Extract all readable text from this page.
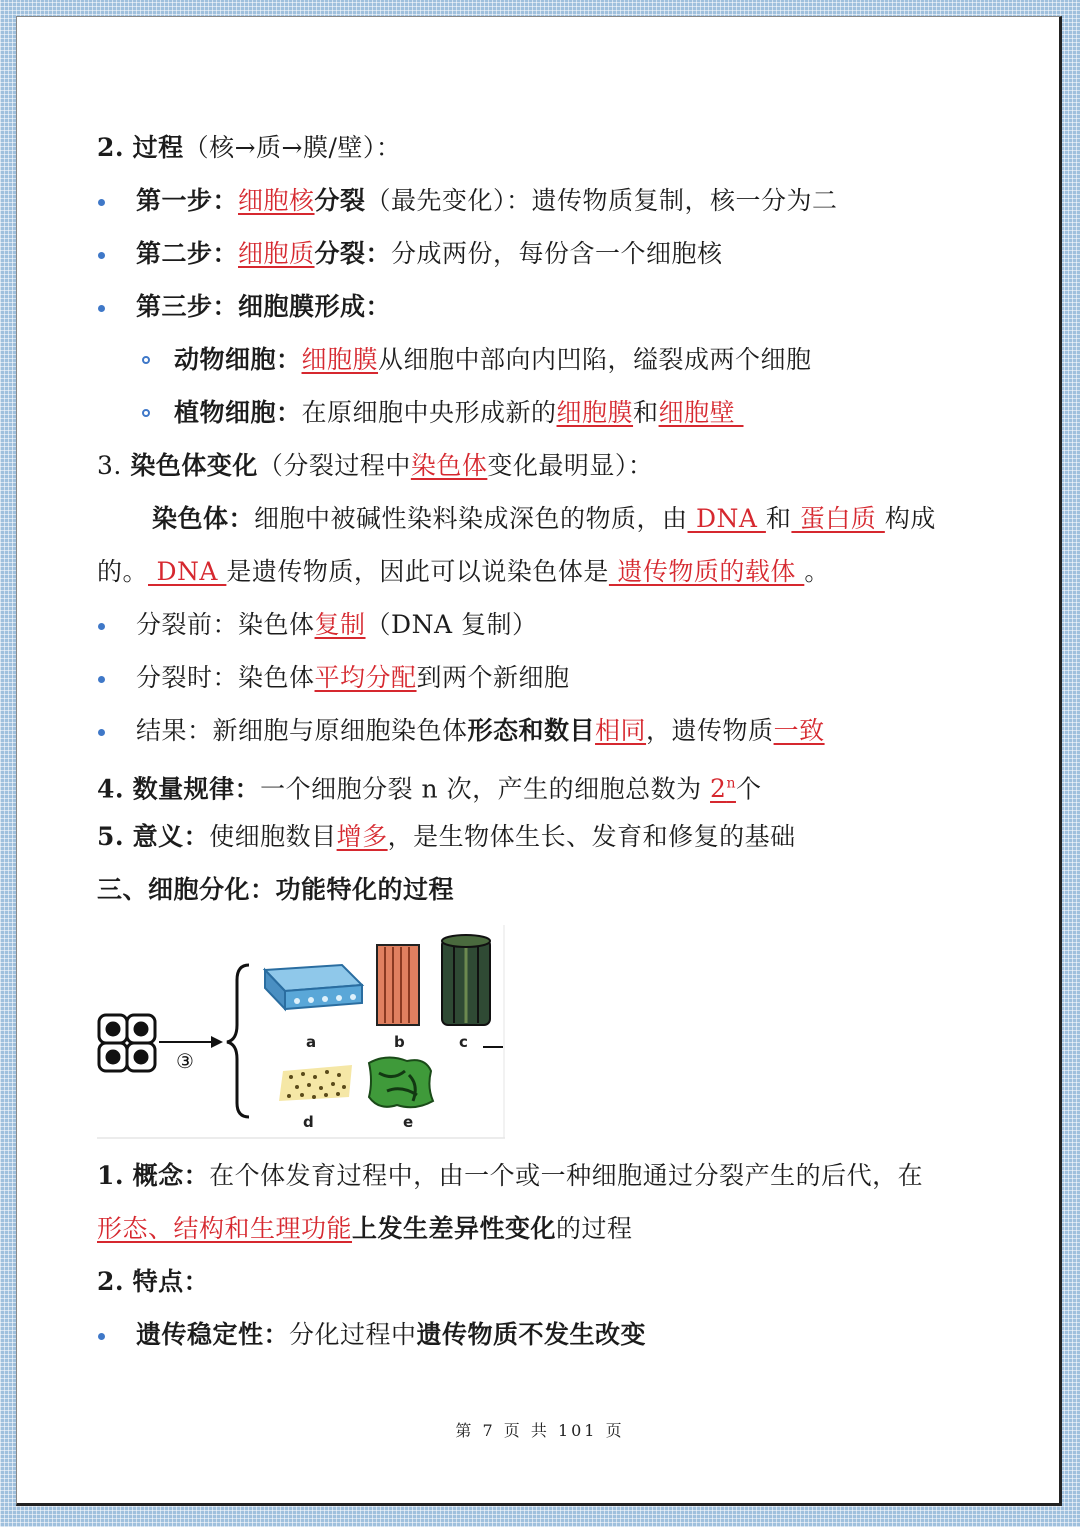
2. 过程（核→质→膜/壁）：
第一步：细胞核分裂（最先变化）：遗传物质复制，核一分为二
第二步：细胞质分裂：分成两份，每份含一个细胞核
第三步：细胞膜形成：
动物细胞：细胞膜从细胞中部向内凹陷，缢裂成两个细胞
植物细胞：在原细胞中央形成新的细胞膜和细胞壁
3. 染色体变化（分裂过程中染色体变化最明显）：
染色体：细胞中被碱性染料染成深色的物质，由 DNA 和 蛋白质 构成
的。 DNA 是遗传物质，因此可以说染色体是 遗传物质的载体 。
分裂前：染色体复制（DNA 复制）
分裂时：染色体平均分配到两个新细胞
结果：新细胞与原细胞染色体形态和数目相同，遗传物质一致
4. 数量规律：一个细胞分裂 n 次，产生的细胞总数为 2$^n$个
5. 意义：使细胞数目增多，是生物体生长、发育和修复的基础
三、细胞分化：功能特化的过程
③
a	b	c
d	e
1. 概念：在个体发育过程中，由一个或一种细胞通过分裂产生的后代，在
形态、结构和生理功能上发生差异性变化的过程
2. 特点：
遗传稳定性：分化过程中遗传物质不发生改变
第 7 页 共 101 页
